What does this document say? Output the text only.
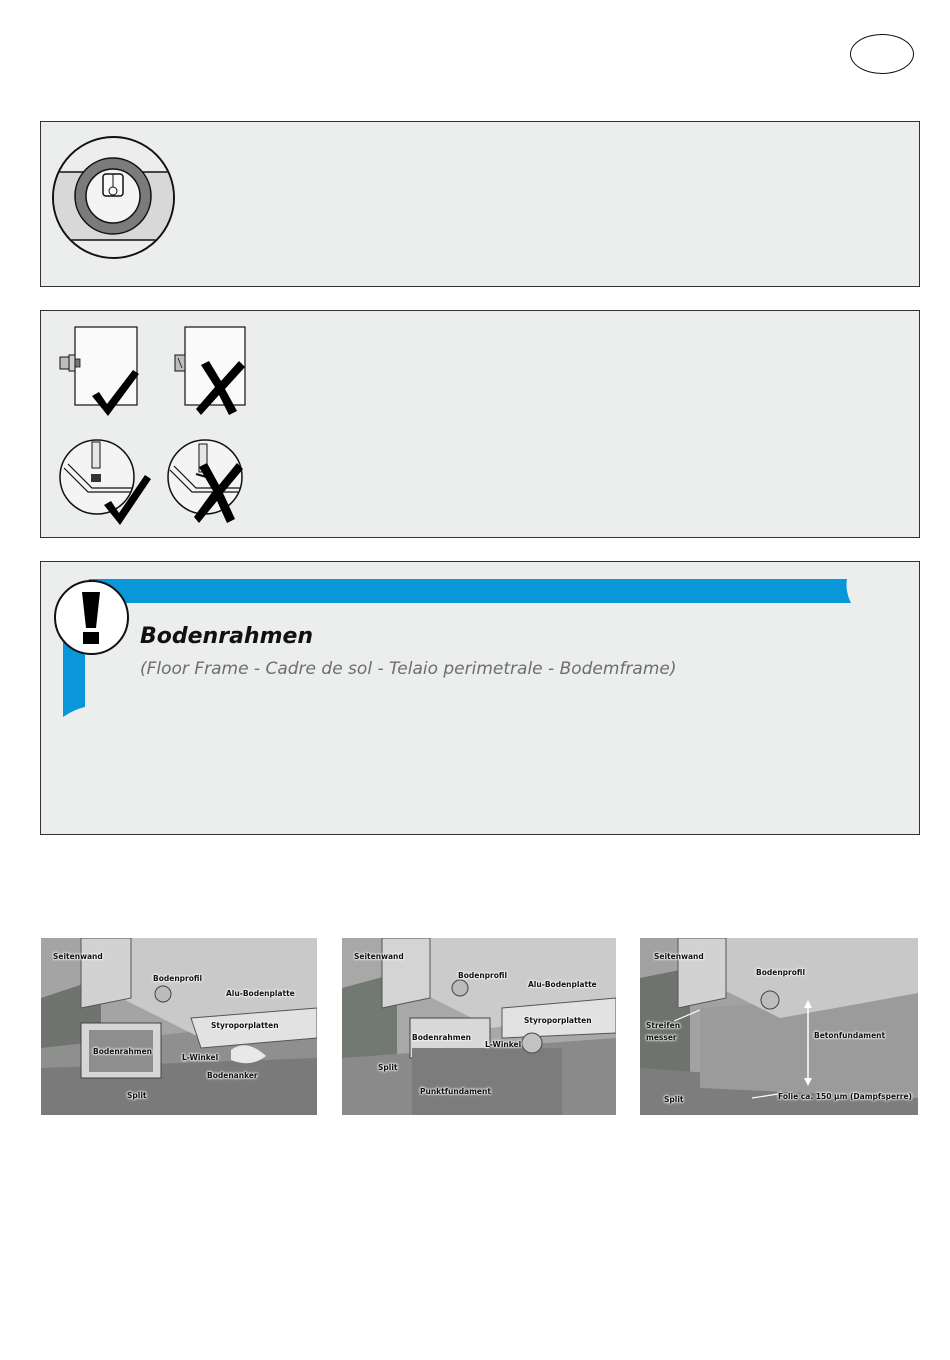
Bodenrahmen
(Floor Frame - Cadre de sol - Telaio perimetrale - Bodemframe)
Seitenwand
Bodenprofil
Alu-Bodenplatte
Styroporplatten
Bodenrahmen
L-Winkel
Bodenanker
Split
Seitenwand
Bodenprofil
Alu-Bodenplatte
Styroporplatten
Bodenrahmen
L-Winkel
Split
Punktfundament
Seitenwand
Bodenprofil
Streifen
messer	Betonfundament
Split	Folie ca. 150 µm (Dampfsperre)
